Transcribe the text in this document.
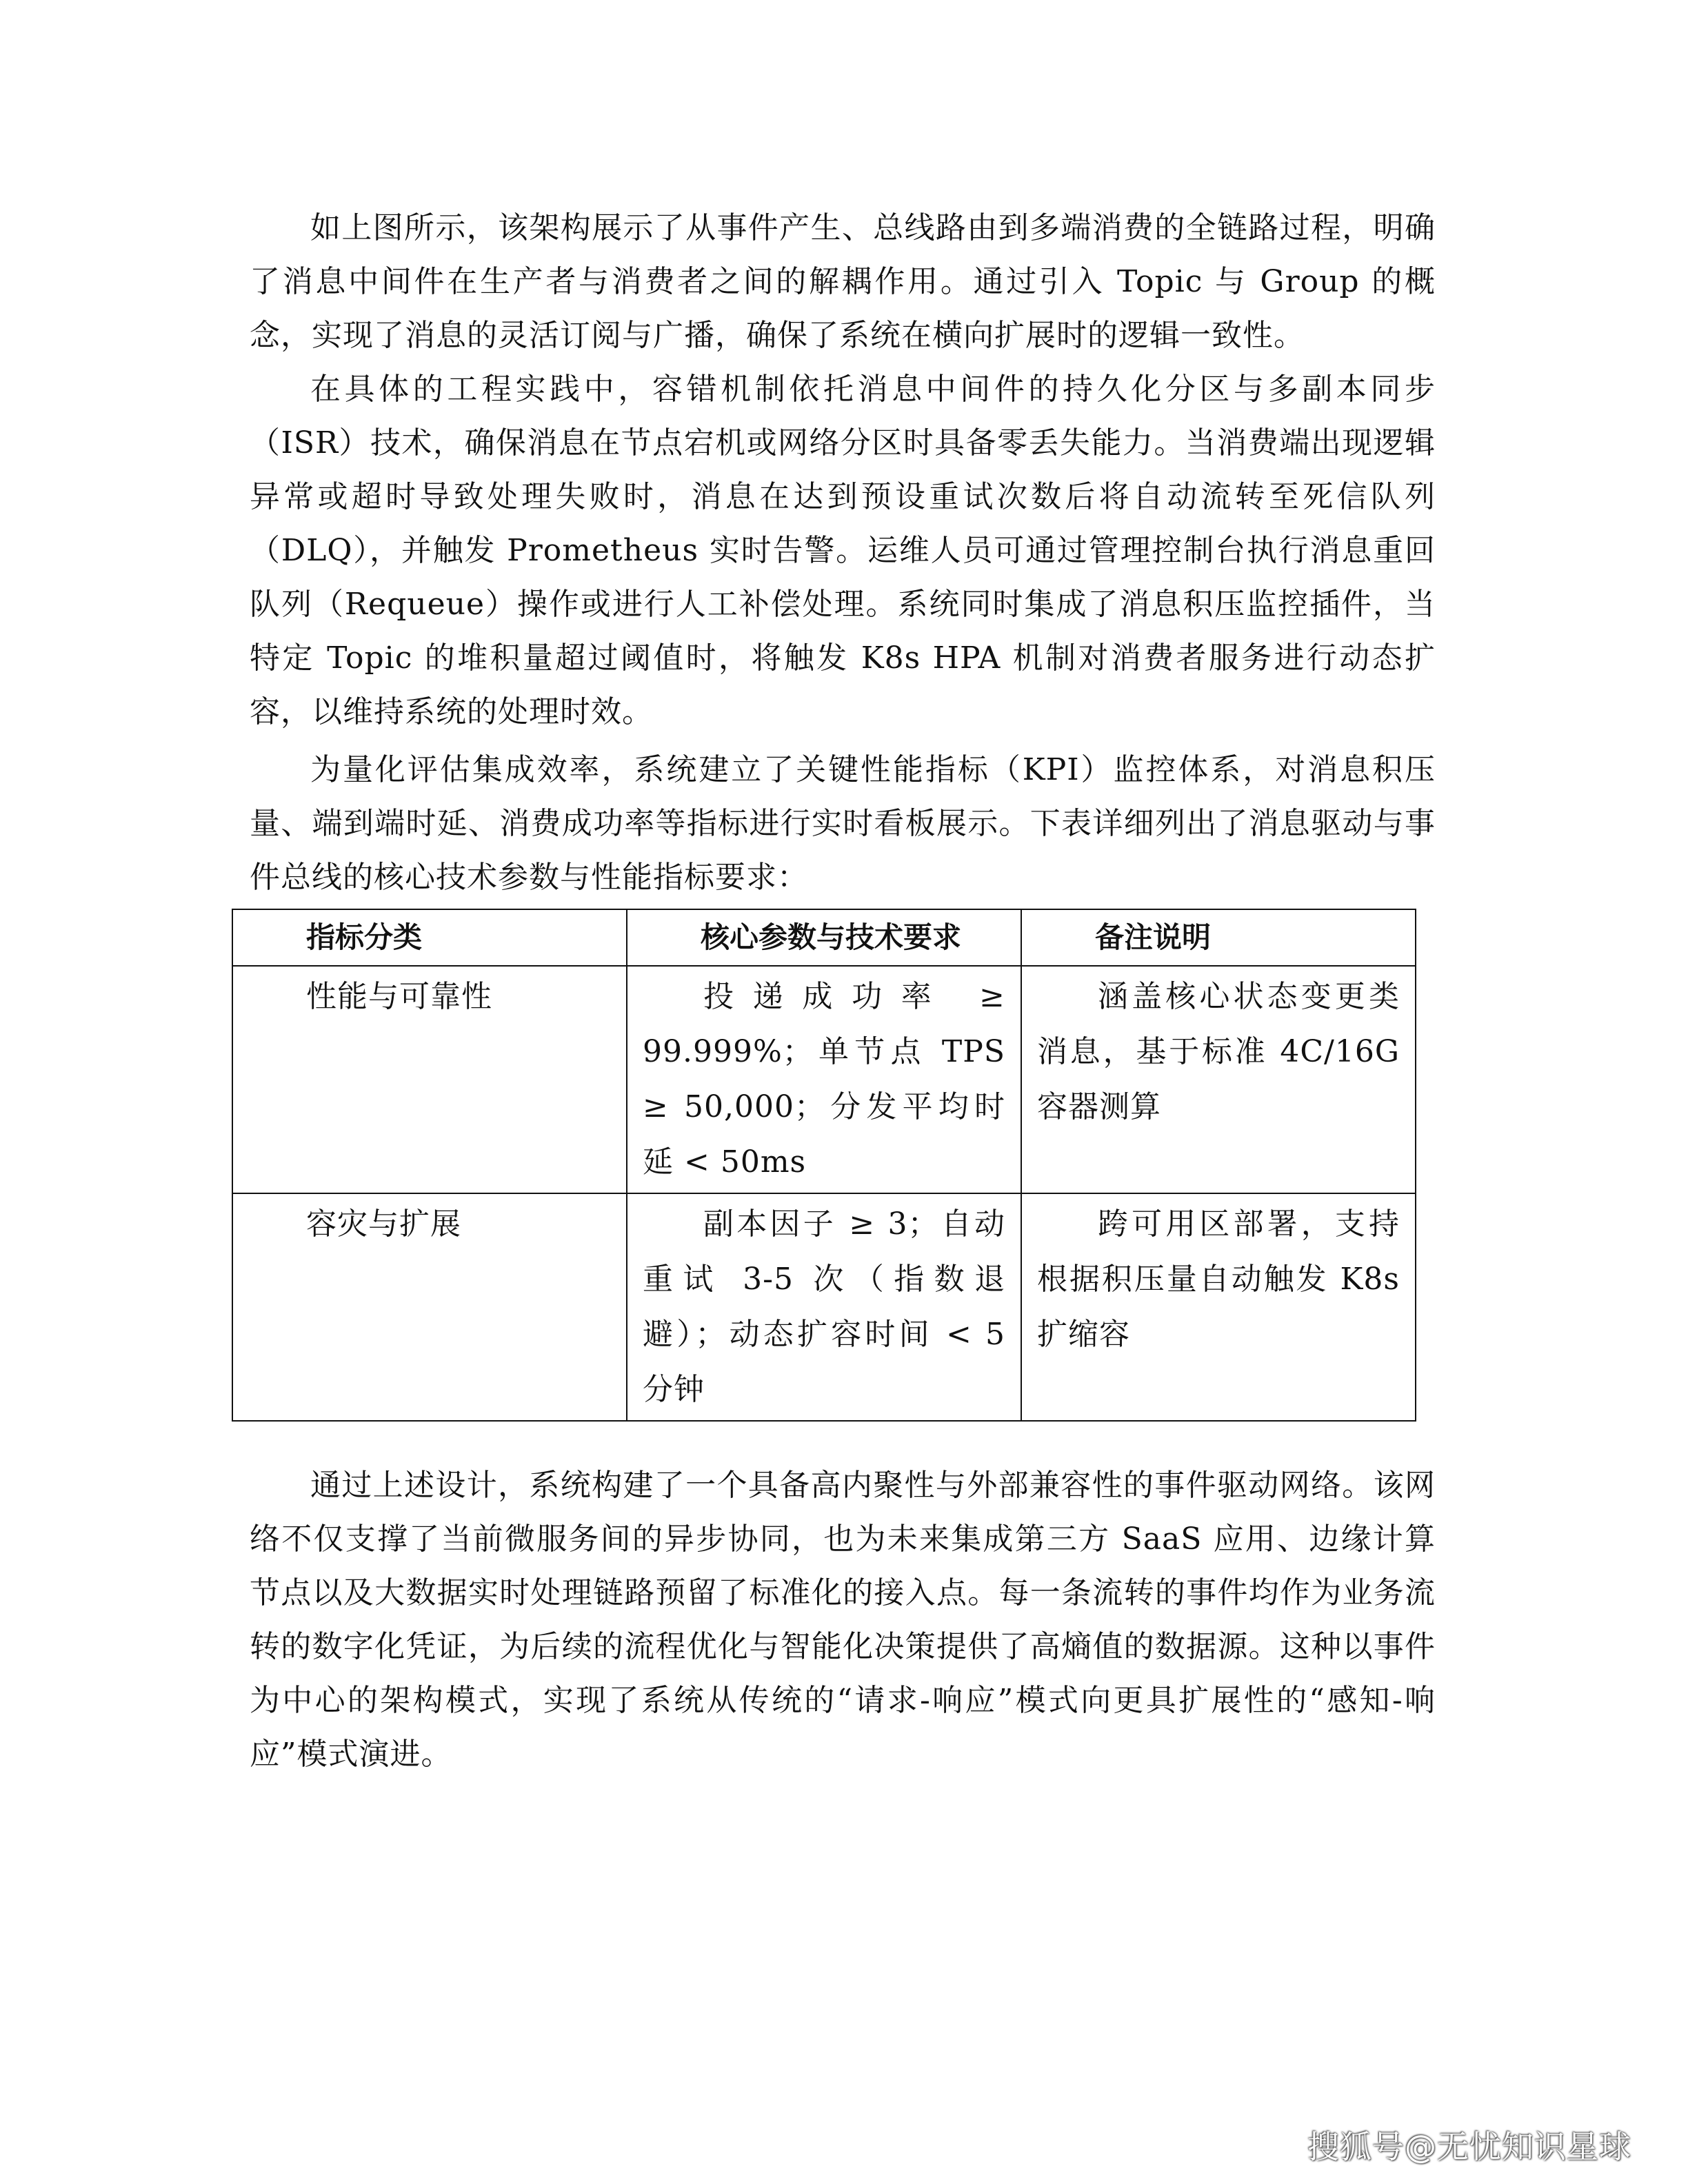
如上图所示，该架构展示了从事件产生、总线路由到多端消费的全链路过程，明确了消息中间件在生产者与消费者之间的解耦作用。通过引入 Topic 与 Group 的概念，实现了消息的灵活订阅与广播，确保了系统在横向扩展时的逻辑一致性。

在具体的工程实践中，容错机制依托消息中间件的持久化分区与多副本同步（ISR）技术，确保消息在节点宕机或网络分区时具备零丢失能力。当消费端出现逻辑异常或超时导致处理失败时，消息在达到预设重试次数后将自动流转至死信队列（DLQ），并触发 Prometheus 实时告警。运维人员可通过管理控制台执行消息重回队列（Requeue）操作或进行人工补偿处理。系统同时集成了消息积压监控插件，当特定 Topic 的堆积量超过阈值时，将触发 K8s HPA 机制对消费者服务进行动态扩容，以维持系统的处理时效。

为量化评估集成效率，系统建立了关键性能指标（KPI）监控体系，对消息积压量、端到端时延、消费成功率等指标进行实时看板展示。下表详细列出了消息驱动与事件总线的核心技术参数与性能指标要求：

指标分类	核心参数与技术要求	备注说明
性能与可靠性	投递成功率 ≥ 99.999%；单节点 TPS ≥ 50,000；分发平均时延 < 50ms	涵盖核心状态变更类消息，基于标准 4C/16G 容器测算
容灾与扩展	副本因子 ≥ 3；自动重试 3-5 次（指数退避）；动态扩容时间 < 5 分钟	跨可用区部署，支持根据积压量自动触发 K8s 扩缩容

通过上述设计，系统构建了一个具备高内聚性与外部兼容性的事件驱动网络。该网络不仅支撑了当前微服务间的异步协同，也为未来集成第三方 SaaS 应用、边缘计算节点以及大数据实时处理链路预留了标准化的接入点。每一条流转的事件均作为业务流转的数字化凭证，为后续的流程优化与智能化决策提供了高熵值的数据源。这种以事件为中心的架构模式，实现了系统从传统的“请求-响应”模式向更具扩展性的“感知-响应”模式演进。

搜狐号@无忧知识星球
